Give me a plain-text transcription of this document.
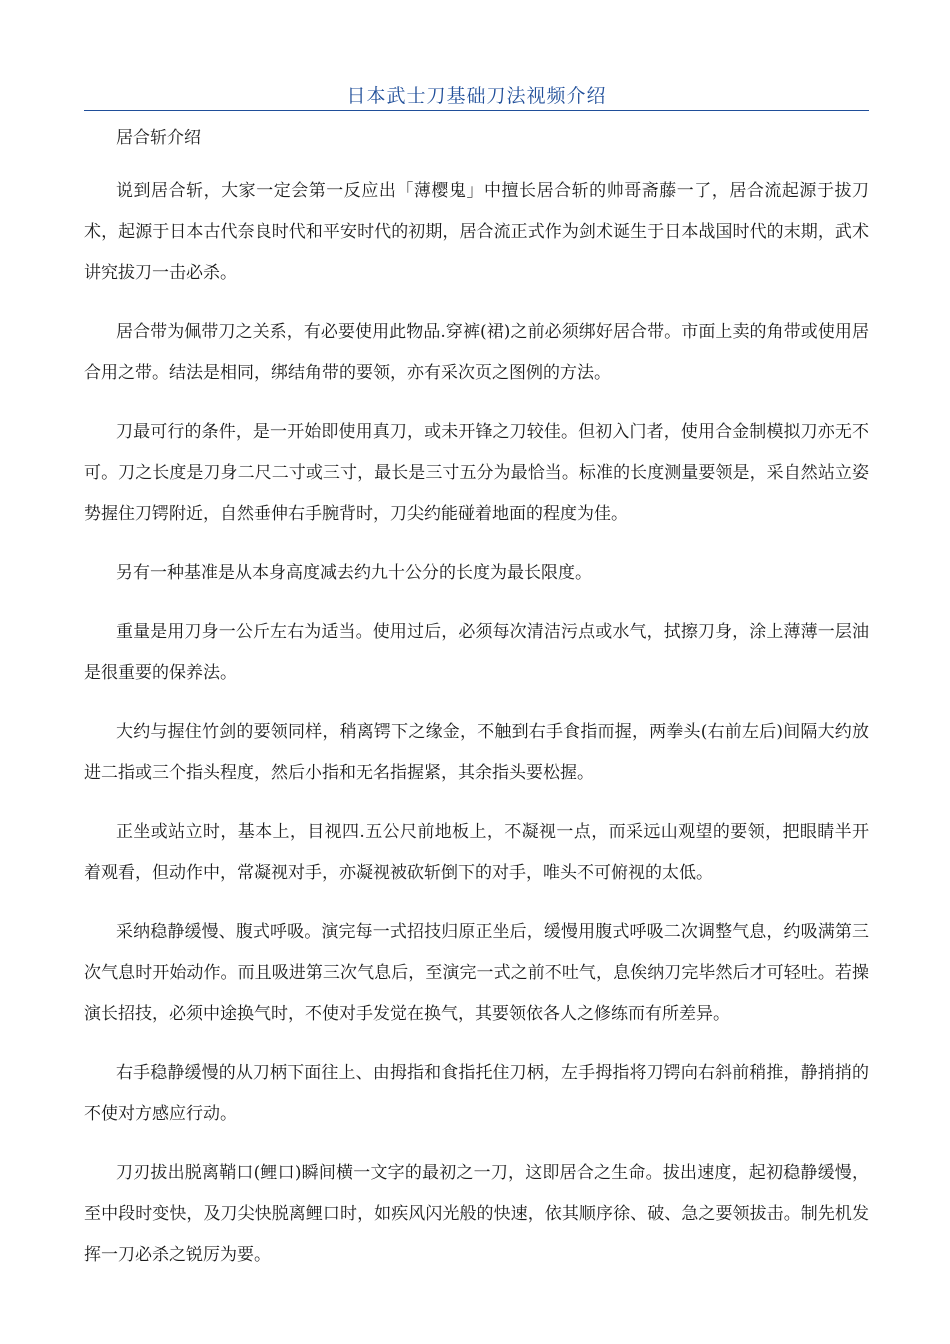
日本武士刀基础刀法视频介绍

居合斩介绍

说到居合斩，大家一定会第一反应出「薄樱鬼」中擅长居合斩的帅哥斋藤一了，居合流起源于拔刀术，起源于日本古代奈良时代和平安时代的初期，居合流正式作为剑术诞生于日本战国时代的末期，武术讲究拔刀一击必杀。

居合带为佩带刀之关系，有必要使用此物品.穿裤(裙)之前必须绑好居合带。市面上卖的角带或使用居合用之带。结法是相同，绑结角带的要领，亦有采次页之图例的方法。

刀最可行的条件，是一开始即使用真刀，或未开锋之刀较佳。但初入门者，使用合金制模拟刀亦无不可。刀之长度是刀身二尺二寸或三寸，最长是三寸五分为最恰当。标准的长度测量要领是，采自然站立姿势握住刀锷附近，自然垂伸右手腕背时，刀尖约能碰着地面的程度为佳。

另有一种基准是从本身高度减去约九十公分的长度为最长限度。

重量是用刀身一公斤左右为适当。使用过后，必须每次清洁污点或水气，拭擦刀身，涂上薄薄一层油是很重要的保养法。

大约与握住竹剑的要领同样，稍离锷下之缘金，不触到右手食指而握，两拳头(右前左后)间隔大约放进二指或三个指头程度，然后小指和无名指握紧，其余指头要松握。

正坐或站立时，基本上，目视四.五公尺前地板上，不凝视一点，而采远山观望的要领，把眼睛半开着观看，但动作中，常凝视对手，亦凝视被砍斩倒下的对手，唯头不可俯视的太低。

采纳稳静缓慢、腹式呼吸。演完每一式招技归原正坐后，缓慢用腹式呼吸二次调整气息，约吸满第三次气息时开始动作。而且吸进第三次气息后，至演完一式之前不吐气，息俟纳刀完毕然后才可轻吐。若操演长招技，必须中途换气时，不使对手发觉在换气，其要领依各人之修练而有所差异。

右手稳静缓慢的从刀柄下面往上、由拇指和食指托住刀柄，左手拇指将刀锷向右斜前稍推，静捎捎的不使对方感应行动。

刀刃拔出脱离鞘口(鲤口)瞬间横一文字的最初之一刀，这即居合之生命。拔出速度，起初稳静缓慢，至中段时变快，及刀尖快脱离鲤口时，如疾风闪光般的快速，依其顺序徐、破、急之要领拔击。制先机发挥一刀必杀之锐厉为要。
